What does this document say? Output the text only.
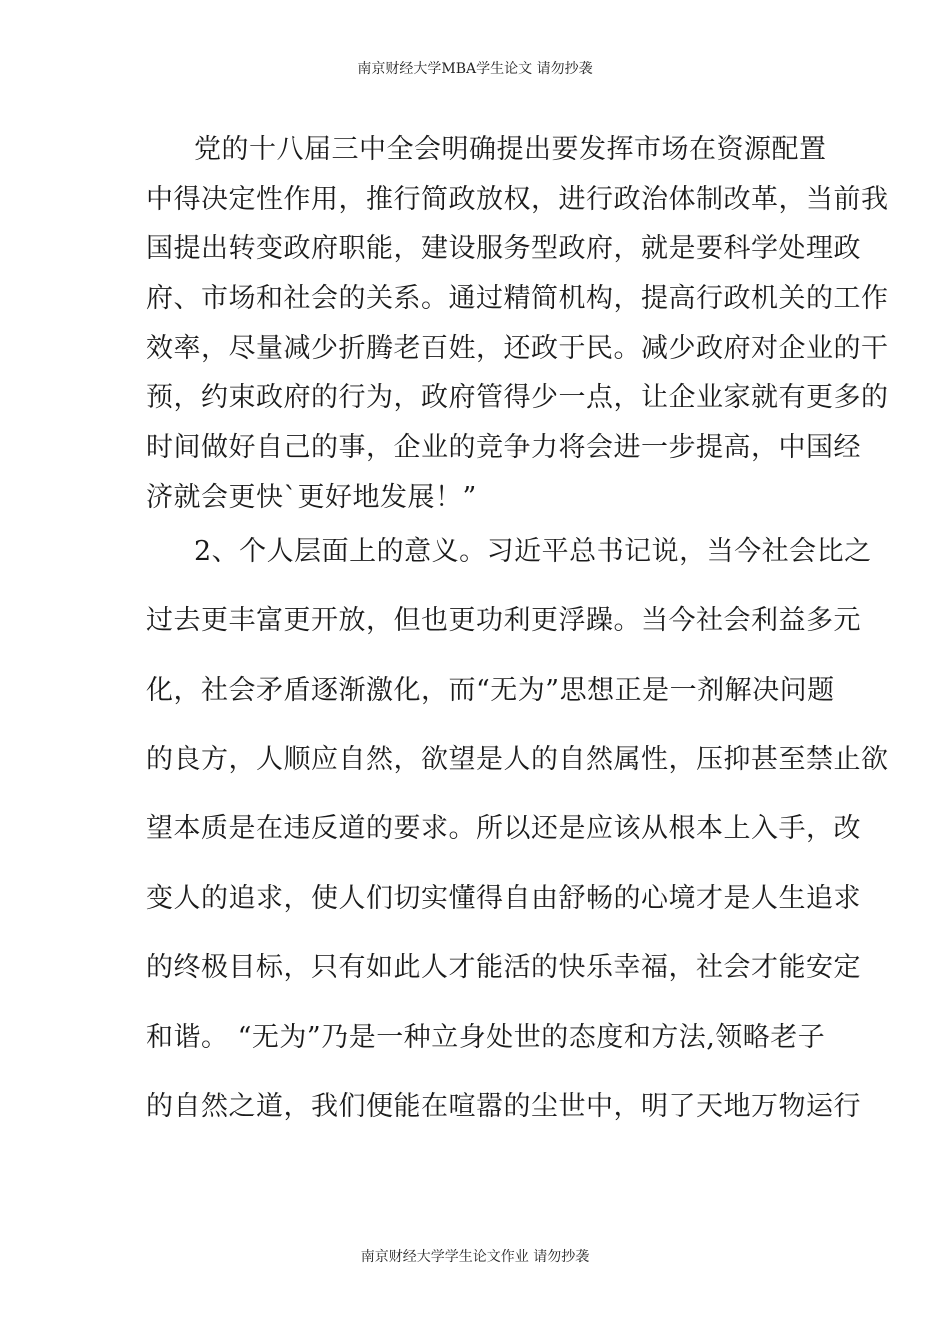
南京财经大学MBA学生论文 请勿抄袭
党的十八届三中全会明确提出要发挥市场在资源配置
中得决定性作用，推行简政放权，进行政治体制改革，当前我
国提出转变政府职能，建设服务型政府，就是要科学处理政
府、市场和社会的关系。通过精简机构，提高行政机关的工作
效率，尽量减少折腾老百姓，还政于民。减少政府对企业的干
预，约束政府的行为，政府管得少一点，让企业家就有更多的
时间做好自己的事，企业的竞争力将会进一步提高，中国经
济就会更快`更好地发展！”
2、个人层面上的意义。习近平总书记说，当今社会比之
过去更丰富更开放，但也更功利更浮躁。当今社会利益多元
化，社会矛盾逐渐激化，而“无为”思想正是一剂解决问题
的良方，人顺应自然，欲望是人的自然属性，压抑甚至禁止欲
望本质是在违反道的要求。所以还是应该从根本上入手，改
变人的追求，使人们切实懂得自由舒畅的心境才是人生追求
的终极目标，只有如此人才能活的快乐幸福，社会才能安定
和谐。 “无为”乃是一种立身处世的态度和方法,领略老子
的自然之道，我们便能在喧嚣的尘世中，明了天地万物运行
南京财经大学学生论文作业 请勿抄袭
